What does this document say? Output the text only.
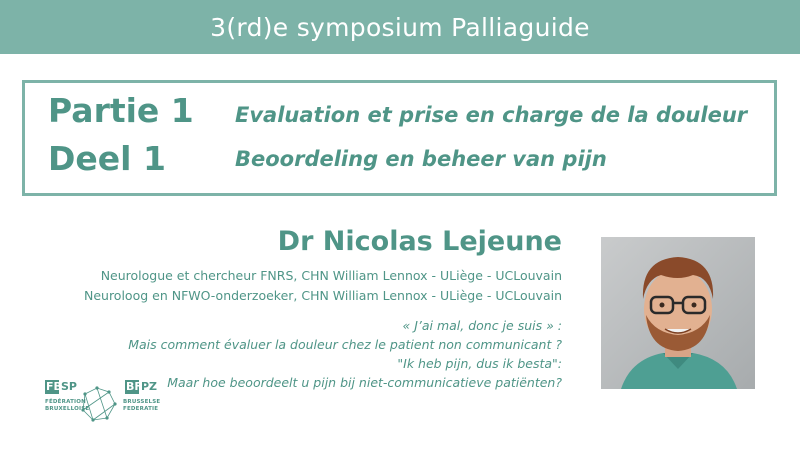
3(rd)e symposium Palliaguide
Partie 1
Deel 1
Evaluation et prise en charge de la douleur
Beoordeling en beheer van pijn
Dr Nicolas Lejeune
Neurologue et chercheur FNRS, CHN William Lennox - ULiège - UCLouvain
Neuroloog en NFWO-onderzoeker, CHN William Lennox - ULiège - UCLouvain
« J’ai mal, donc je suis » :
Mais comment évaluer la douleur chez le patient non communicant ?
"Ik heb pijn, dus ik besta":
Maar hoe beoordeelt u pijn bij niet-communicatieve patiënten?
FB SP
FÉDÉRATION
BRUXELLOISE
BF PZ
BRUSSELSE
FEDERATIE
